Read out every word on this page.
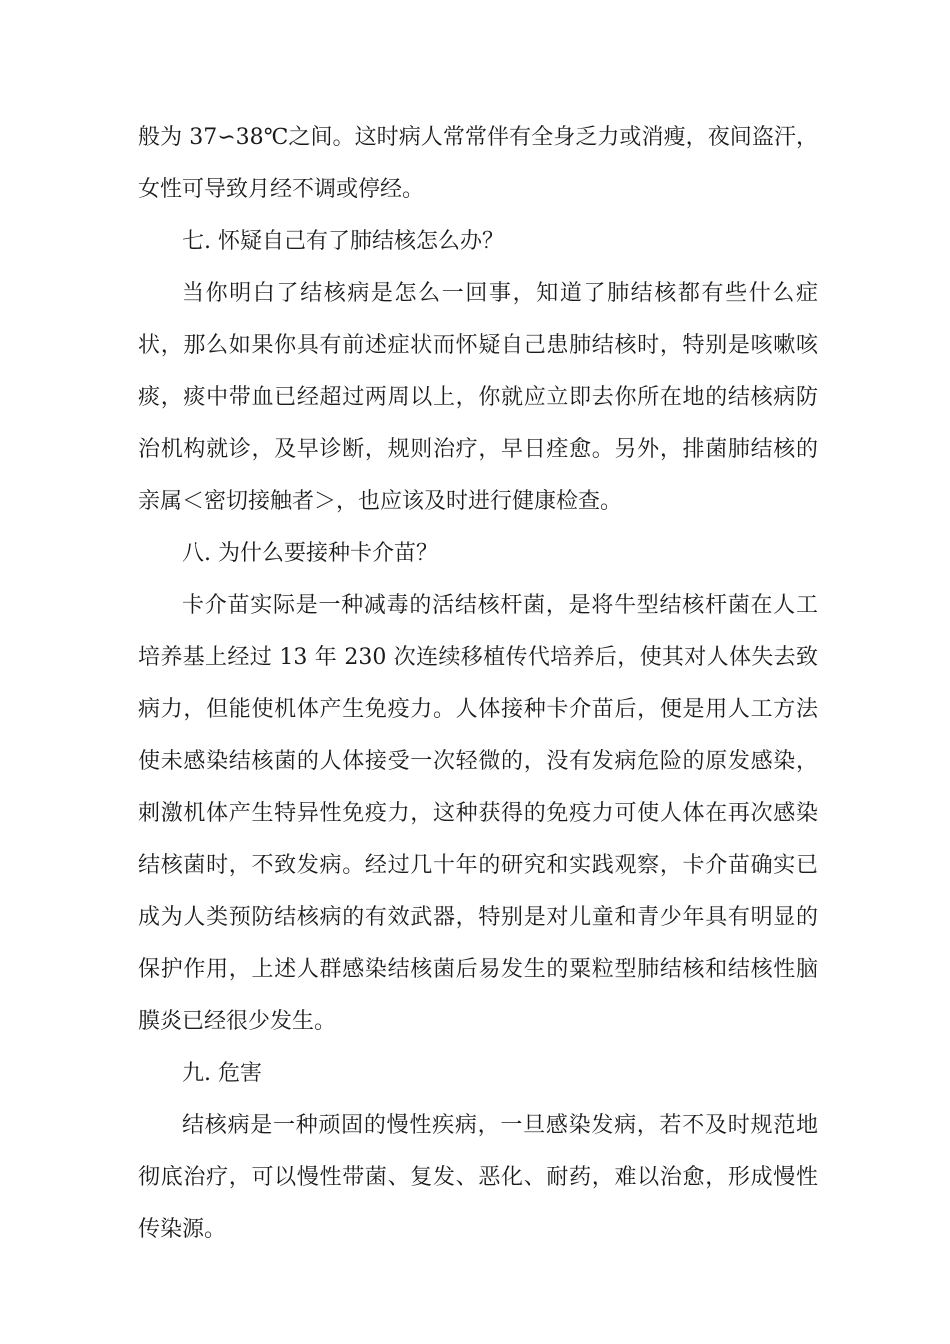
般为 37∽38℃之间。这时病人常常伴有全身乏力或消瘦，夜间盗汗，女性可导致月经不调或停经。

七. 怀疑自己有了肺结核怎么办？

当你明白了结核病是怎么一回事，知道了肺结核都有些什么症状，那么如果你具有前述症状而怀疑自己患肺结核时，特别是咳嗽咳痰，痰中带血已经超过两周以上，你就应立即去你所在地的结核病防治机构就诊，及早诊断，规则治疗，早日痊愈。另外，排菌肺结核的亲属＜密切接触者＞，也应该及时进行健康检查。

八. 为什么要接种卡介苗？

卡介苗实际是一种减毒的活结核杆菌，是将牛型结核杆菌在人工培养基上经过 13 年 230 次连续移植传代培养后，使其对人体失去致病力，但能使机体产生免疫力。人体接种卡介苗后，便是用人工方法使未感染结核菌的人体接受一次轻微的，没有发病危险的原发感染，刺激机体产生特异性免疫力，这种获得的免疫力可使人体在再次感染结核菌时，不致发病。经过几十年的研究和实践观察，卡介苗确实已成为人类预防结核病的有效武器，特别是对儿童和青少年具有明显的保护作用，上述人群感染结核菌后易发生的粟粒型肺结核和结核性脑膜炎已经很少发生。

九. 危害

结核病是一种顽固的慢性疾病，一旦感染发病，若不及时规范地彻底治疗，可以慢性带菌、复发、恶化、耐药，难以治愈，形成慢性传染源。
